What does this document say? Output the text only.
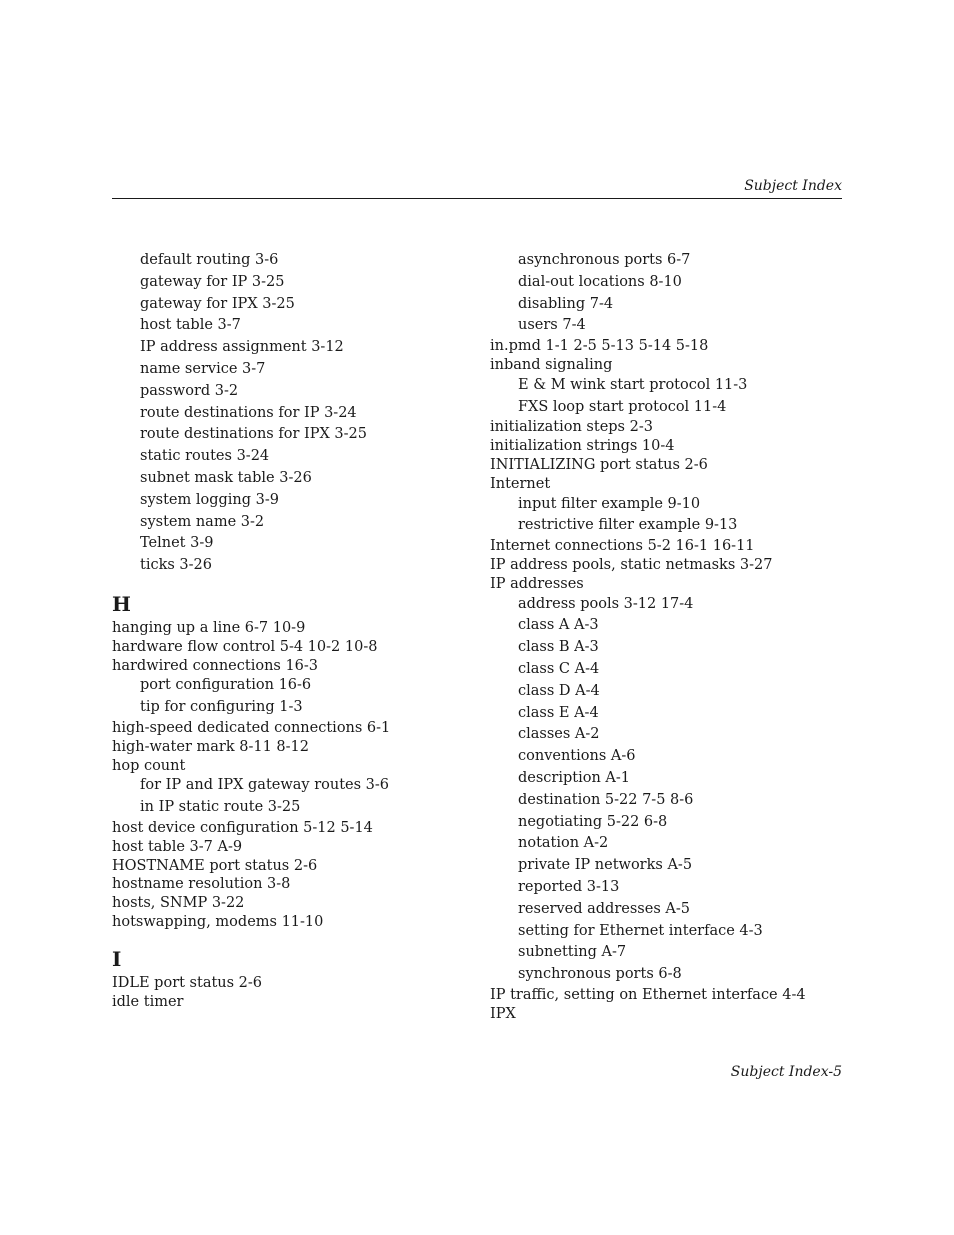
Subject Index
default routing 3-6
gateway for IP 3-25
gateway for IPX 3-25
host table 3-7
IP address assignment 3-12
name service 3-7
password 3-2
route destinations for IP 3-24
route destinations for IPX 3-25
static routes 3-24
subnet mask table 3-26
system logging 3-9
system name 3-2
Telnet 3-9
ticks 3-26
H
hanging up a line 6-7 10-9
hardware flow control 5-4 10-2 10-8
hardwired connections 16-3
port configuration 16-6
tip for configuring 1-3
high-speed dedicated connections 6-1
high-water mark 8-11 8-12
hop count
for IP and IPX gateway routes 3-6
in IP static route 3-25
host device configuration 5-12 5-14
host table 3-7 A-9
HOSTNAME port status 2-6
hostname resolution 3-8
hosts, SNMP 3-22
hotswapping, modems 11-10
I
IDLE port status 2-6
idle timer
asynchronous ports 6-7
dial-out locations 8-10
disabling 7-4
users 7-4
in.pmd 1-1 2-5 5-13 5-14 5-18
inband signaling
E & M wink start protocol 11-3
FXS loop start protocol 11-4
initialization steps 2-3
initialization strings 10-4
INITIALIZING port status 2-6
Internet
input filter example 9-10
restrictive filter example 9-13
Internet connections 5-2 16-1 16-11
IP address pools, static netmasks 3-27
IP addresses
address pools 3-12 17-4
class A A-3
class B A-3
class C A-4
class D A-4
class E A-4
classes A-2
conventions A-6
description A-1
destination 5-22 7-5 8-6
negotiating 5-22 6-8
notation A-2
private IP networks A-5
reported 3-13
reserved addresses A-5
setting for Ethernet interface 4-3
subnetting A-7
synchronous ports 6-8
IP traffic, setting on Ethernet interface 4-4
IPX
Subject Index-5
